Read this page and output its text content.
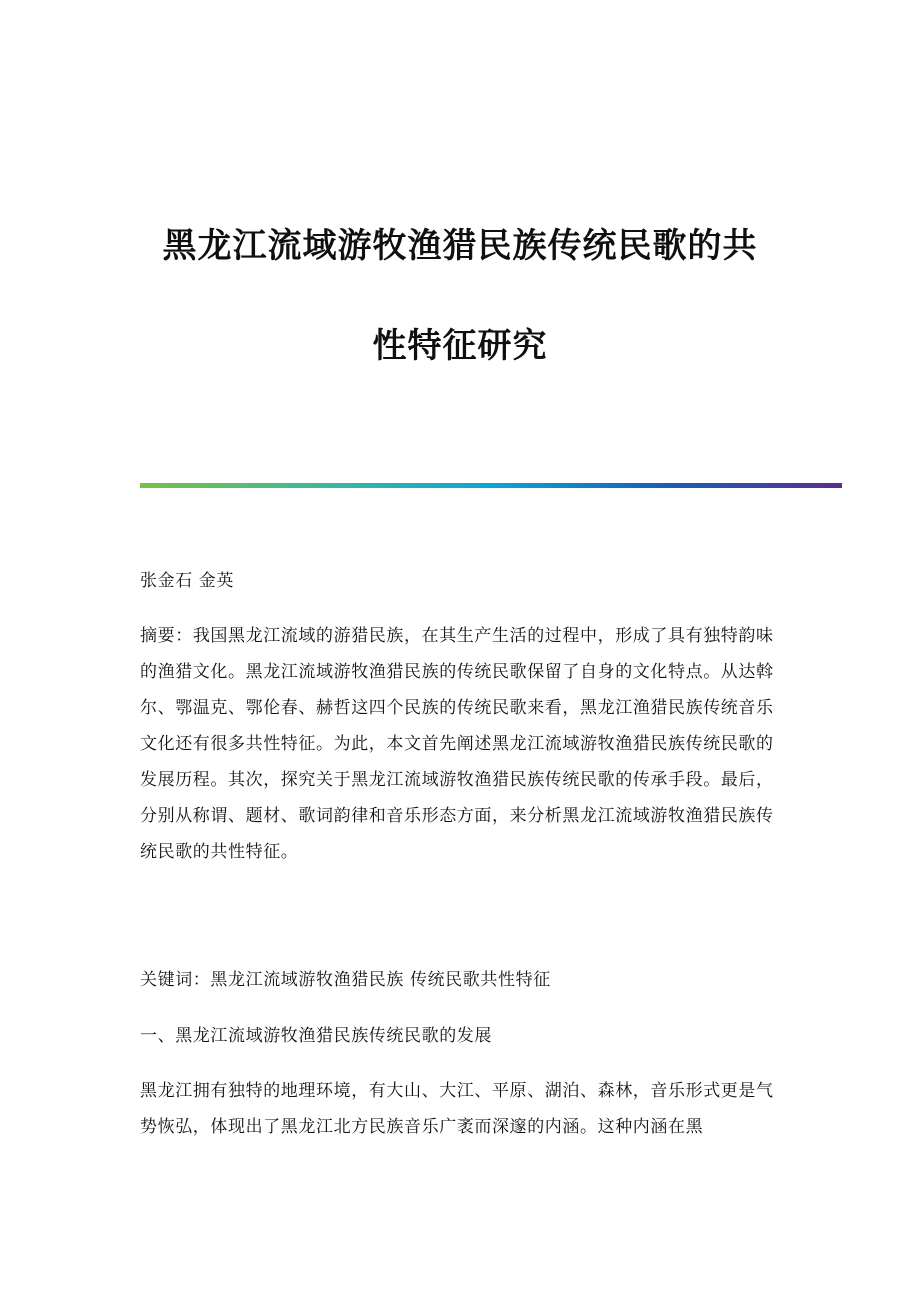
黑龙江流域游牧渔猎民族传统民歌的共
性特征研究

张金石 金英

摘要：我国黑龙江流域的游猎民族，在其生产生活的过程中，形成了具有独特韵味的渔猎文化。黑龙江流域游牧渔猎民族的传统民歌保留了自身的文化特点。从达斡尔、鄂温克、鄂伦春、赫哲这四个民族的传统民歌来看，黑龙江渔猎民族传统音乐文化还有很多共性特征。为此，本文首先阐述黑龙江流域游牧渔猎民族传统民歌的发展历程。其次，探究关于黑龙江流域游牧渔猎民族传统民歌的传承手段。最后，分别从称谓、题材、歌词韵律和音乐形态方面，来分析黑龙江流域游牧渔猎民族传统民歌的共性特征。

关键词：黑龙江流域游牧渔猎民族 传统民歌共性特征

一、黑龙江流域游牧渔猎民族传统民歌的发展

黑龙江拥有独特的地理环境，有大山、大江、平原、湖泊、森林，音乐形式更是气势恢弘，体现出了黑龙江北方民族音乐广袤而深邃的内涵。这种内涵在黑
